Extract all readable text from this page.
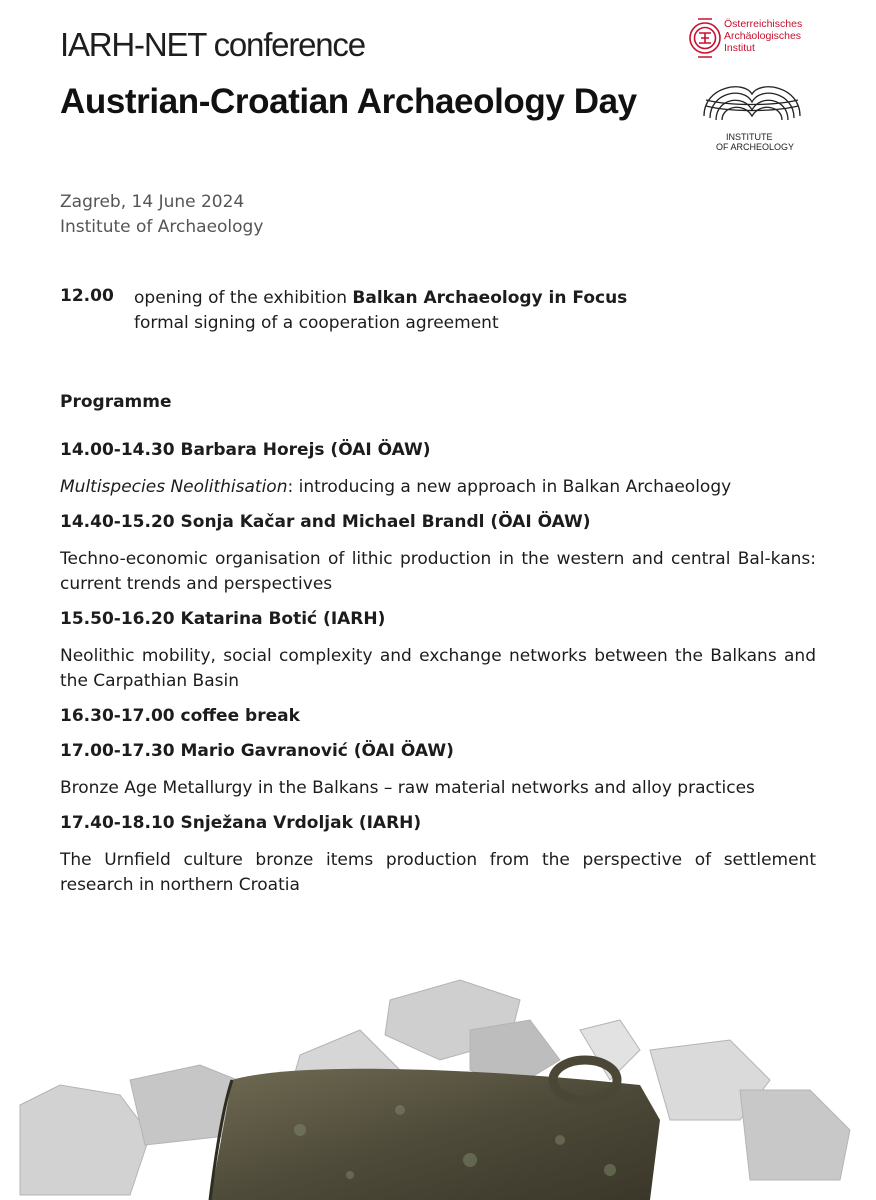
IARH-NET conference
Austrian-Croatian Archaeology Day
Österreichisches
Archäologisches
Institut
INSTITUTE
OF ARCHEOLOGY
Zagreb, 14 June 2024
Institute of Archaeology
12.00 opening of the exhibition Balkan Archaeology in Focus
formal signing of a cooperation agreement
Programme

14.00-14.30 Barbara Horejs (ÖAI ÖAW)

Multispecies Neolithisation: introducing a new approach in Balkan Archaeology

14.40-15.20 Sonja Kačar and Michael Brandl (ÖAI ÖAW)

Techno-economic organisation of lithic production in the western and central Bal-kans: current trends and perspectives

15.50-16.20 Katarina Botić (IARH)

Neolithic mobility, social complexity and exchange networks between the Balkans and the Carpathian Basin

16.30-17.00 coffee break

17.00-17.30 Mario Gavranović (ÖAI ÖAW)

Bronze Age Metallurgy in the Balkans – raw material networks and alloy practices

17.40-18.10 Snježana Vrdoljak (IARH)

The Urnfield culture bronze items production from the perspective of settlement research in northern Croatia
